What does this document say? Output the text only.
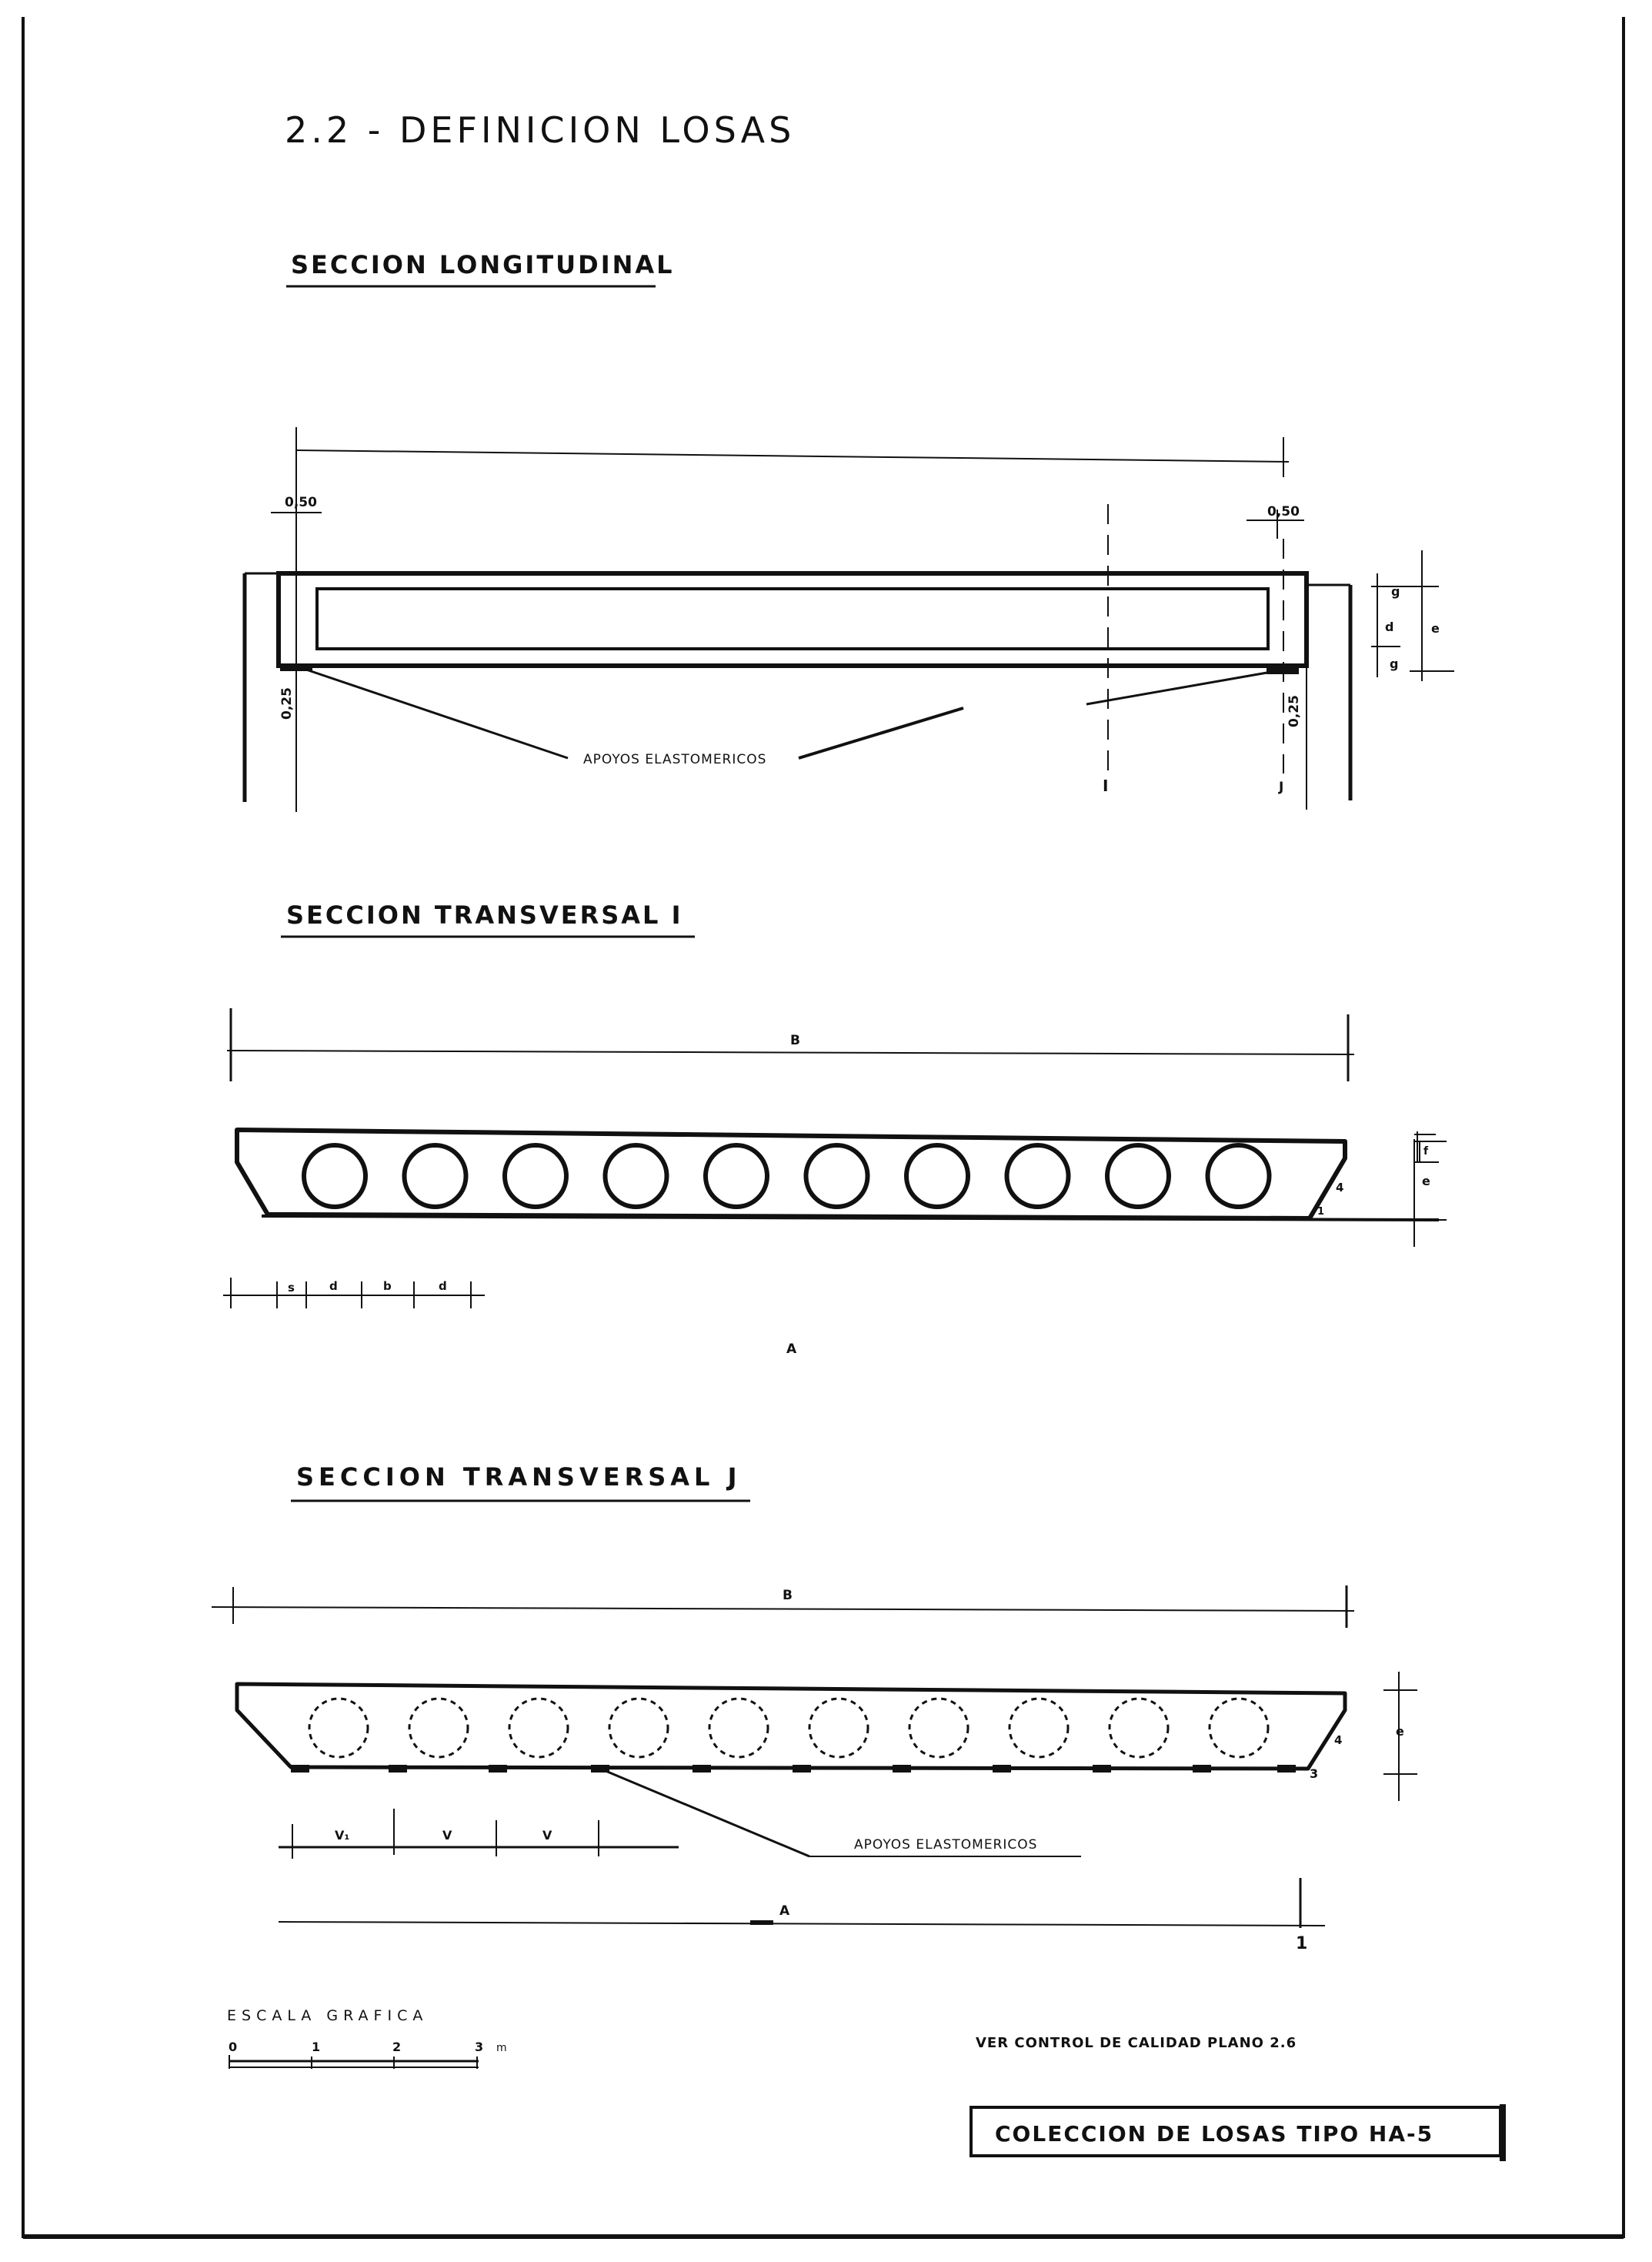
2.2 - DEFINICION LOSAS
SECCION LONGITUDINAL
0,50
0,50
0,25	0,25
APOYOS ELASTOMERICOS
I	J
g
d	e
g
SECCION TRANSVERSAL I
B
f
e
4
1
s	d	b	d
A
SECCION TRANSVERSAL J
B
e
4
3
V₁	V	V
APOYOS ELASTOMERICOS
A
1
ESCALA GRAFICA
0	1	2	3 m	VER CONTROL DE CALIDAD PLANO 2.6
COLECCION DE LOSAS TIPO HA-5
